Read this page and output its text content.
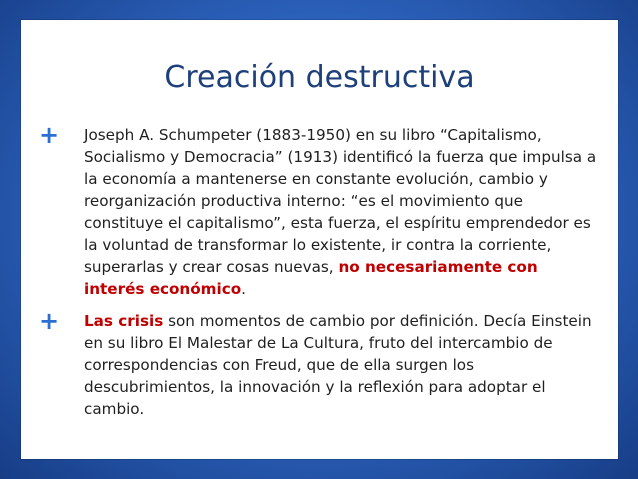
Creación destructiva
+ Joseph A. Schumpeter (1883-1950) en su libro “Capitalismo, Socialismo y Democracia” (1913) identificó la fuerza que impulsa a la economía a mantenerse en constante evolución, cambio y reorganización productiva interno: “es el movimiento que constituye el capitalismo”, esta fuerza, el espíritu emprendedor es la voluntad de transformar lo existente, ir contra la corriente, superarlas y crear cosas nuevas, no necesariamente con interés económico.
+ Las crisis son momentos de cambio por definición. Decía Einstein en su libro El Malestar de La Cultura, fruto del intercambio de correspondencias con Freud, que de ella surgen los descubrimientos, la innovación y la reflexión para adoptar el cambio.
